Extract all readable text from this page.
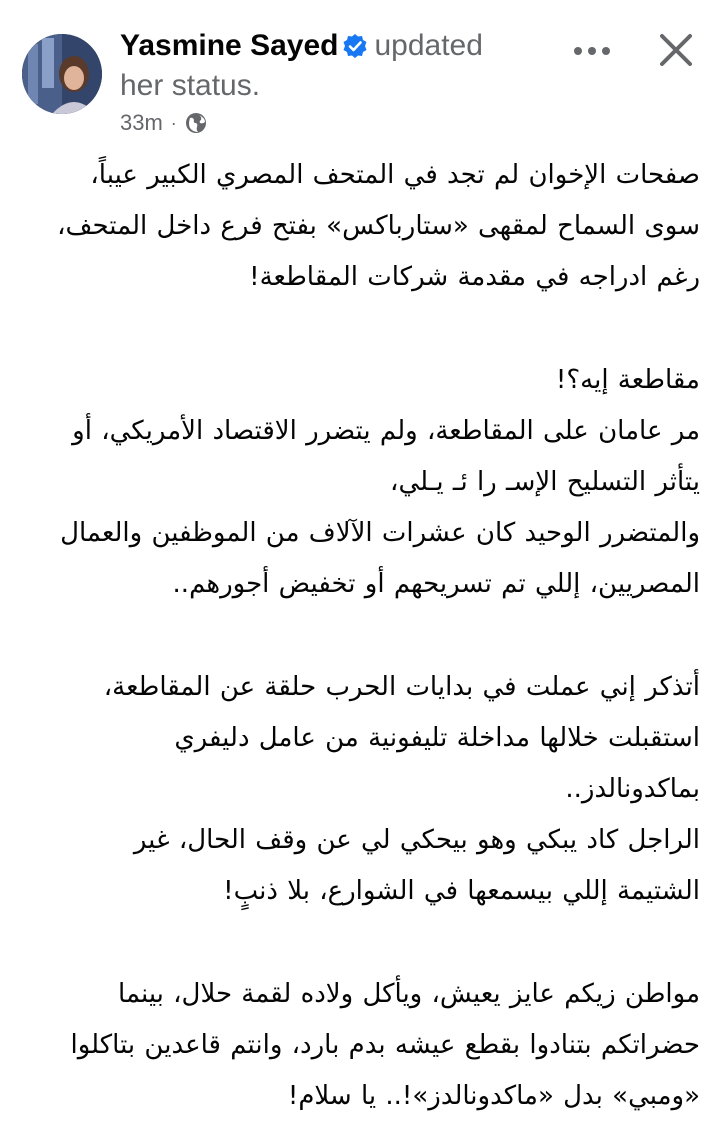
Yasmine Sayed updated
her status.
33m ·
صفحات الإخوان لم تجد في المتحف المصري الكبير عيباً،
سوى السماح لمقهى «ستارباكس» بفتح فرع داخل المتحف،
رغم ادراجه في مقدمة شركات المقاطعة!
مقاطعة إيه؟!
مر عامان على المقاطعة، ولم يتضرر الاقتصاد الأمريكي، أو
يتأثر التسليح الإسـ را ئـ يـلي،
والمتضرر الوحيد كان عشرات الآلاف من الموظفين والعمال
المصريين، إللي تم تسريحهم أو تخفيض أجورهم..
أتذكر إني عملت في بدايات الحرب حلقة عن المقاطعة،
استقبلت خلالها مداخلة تليفونية من عامل دليفري
بماكدونالدز..
الراجل كاد يبكي وهو بيحكي لي عن وقف الحال، غير
الشتيمة إللي بيسمعها في الشوارع، بلا ذنبٍ!
مواطن زيكم عايز يعيش، ويأكل ولاده لقمة حلال، بينما
حضراتكم بتنادوا بقطع عيشه بدم بارد، وانتم قاعدين بتاكلوا
«ومبي» بدل «ماكدونالدز»!.. يا سلام!
